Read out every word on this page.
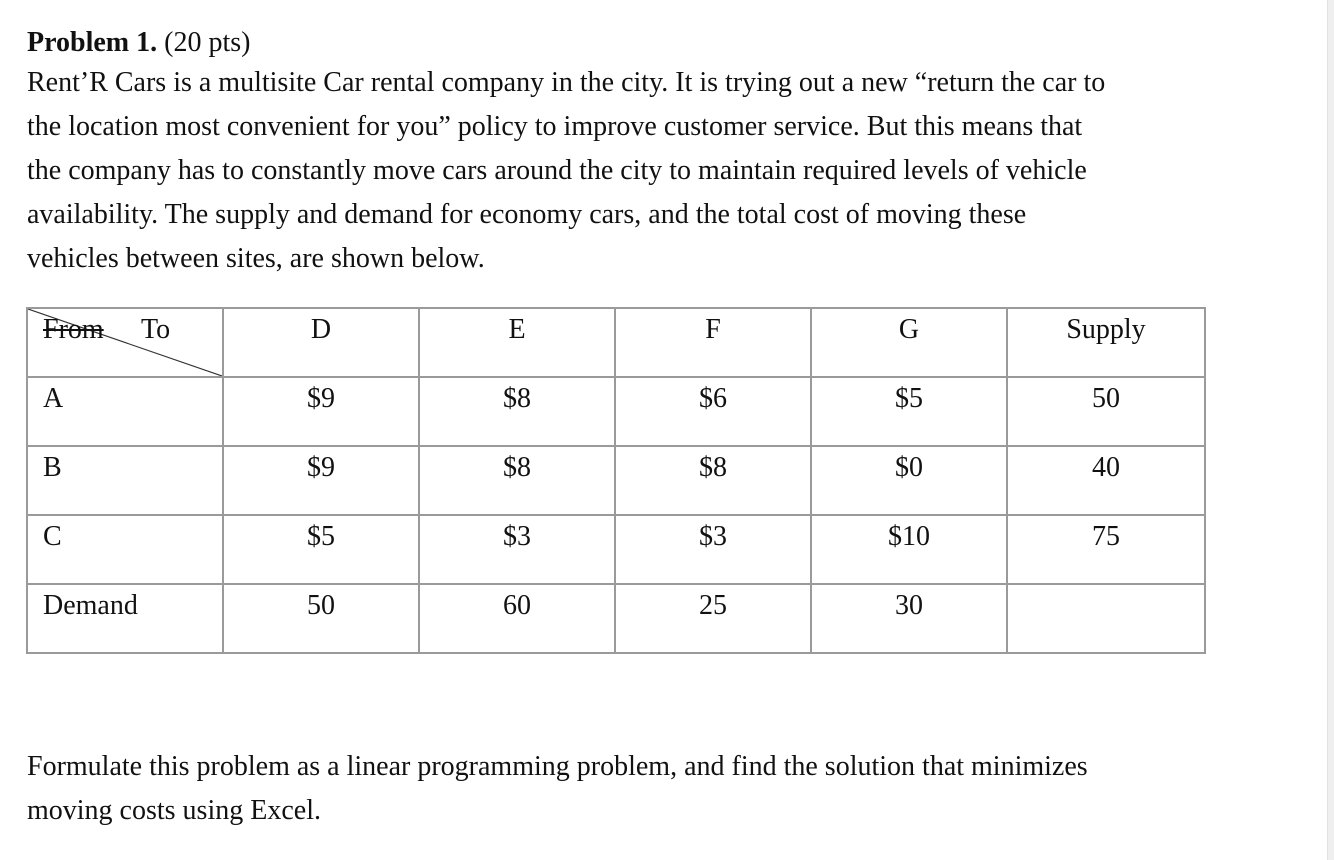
Problem 1. (20 pts)

Rent’R Cars is a multisite Car rental company in the city. It is trying out a new “return the car to
the location most convenient for you” policy to improve customer service. But this means that
the company has to constantly move cars around the city to maintain required levels of vehicle
availability. The supply and demand for economy cars, and the total cost of moving these
vehicles between sites, are shown below.

From To	D	E	F	G	Supply
A	$9	$8	$6	$5	50
B	$9	$8	$8	$0	40
C	$5	$3	$3	$10	75
Demand	50	60	25	30	

Formulate this problem as a linear programming problem, and find the solution that minimizes
moving costs using Excel.
